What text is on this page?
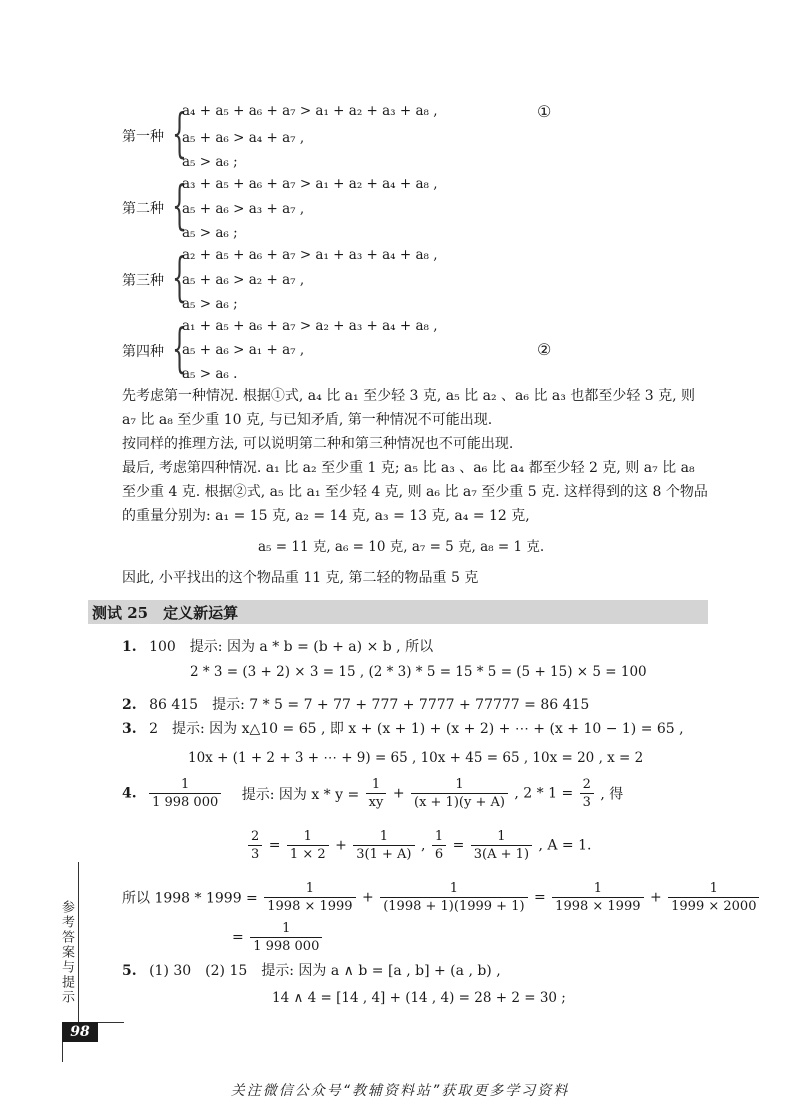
第一种 {
a₄ + a₅ + a₆ + a₇ > a₁ + a₂ + a₃ + a₈ ,
a₅ + a₆ > a₄ + a₇ ,
a₅ > a₆ ;
①
第二种 {
a₃ + a₅ + a₆ + a₇ > a₁ + a₂ + a₄ + a₈ ,
a₅ + a₆ > a₃ + a₇ ,
a₅ > a₆ ;
第三种 {
a₂ + a₅ + a₆ + a₇ > a₁ + a₃ + a₄ + a₈ ,
a₅ + a₆ > a₂ + a₇ ,
a₅ > a₆ ;
第四种 {
a₁ + a₅ + a₆ + a₇ > a₂ + a₃ + a₄ + a₈ ,
a₅ + a₆ > a₁ + a₇ ,
a₅ > a₆ .
②
先考虑第一种情况. 根据①式, a₄ 比 a₁ 至少轻 3 克, a₅ 比 a₂ 、a₆ 比 a₃ 也都至少轻 3 克, 则 a₇ 比 a₈ 至少重 10 克, 与已知矛盾, 第一种情况不可能出现.
按同样的推理方法, 可以说明第二种和第三种情况也不可能出现.
最后, 考虑第四种情况. a₁ 比 a₂ 至少重 1 克; a₅ 比 a₃ 、a₆ 比 a₄ 都至少轻 2 克, 则 a₇ 比 a₈ 至少重 4 克. 根据②式, a₅ 比 a₁ 至少轻 4 克, 则 a₆ 比 a₇ 至少重 5 克. 这样得到的这 8 个物品的重量分别为: a₁ = 15 克, a₂ = 14 克, a₃ = 13 克, a₄ = 12 克,
a₅ = 11 克, a₆ = 10 克, a₇ = 5 克, a₈ = 1 克.
因此, 小平找出的这个物品重 11 克, 第二轻的物品重 5 克
测试 25　定义新运算
1. 100　提示: 因为 a * b = (b + a) × b , 所以
2 * 3 = (3 + 2) × 3 = 15 , (2 * 3) * 5 = 15 * 5 = (5 + 15) × 5 = 100
2. 86 415　提示: 7 * 5 = 7 + 77 + 777 + 7777 + 77777 = 86 415
3. 2　提示: 因为 x△10 = 65 , 即 x + (x + 1) + (x + 2) + ⋯ + (x + 10 − 1) = 65 ,
10x + (1 + 2 + 3 + ⋯ + 9) = 65 , 10x + 45 = 65 , 10x = 20 , x = 2
4. $\frac{1}{1 998 000}$ 提示: 因为 $x * y = \frac{1}{xy} + \frac{1}{(x + 1)(y + A)}$ , $2 * 1 = \frac{2}{3}$ , 得
$\frac{2}{3} = \frac{1}{1 \times 2} + \frac{1}{3(1 + A)}$ , $\frac{1}{6} = \frac{1}{3(A + 1)}$ , A = 1.
所以 $1998 * 1999 = \frac{1}{1998 \times 1999} + \frac{1}{(1998 + 1)(1999 + 1)} = \frac{1}{1998 \times 1999} + \frac{1}{1999 \times 2000}$
= $\frac{1}{1 998 000}$
5. (1) 30　(2) 15　提示: 因为 a ∧ b = [a , b] + (a , b) ,
14 ∧ 4 = [14 , 4] + (14 , 4) = 28 + 2 = 30 ;
参考答案与提示
98
关注微信公众号“教辅资料站”获取更多学习资料
